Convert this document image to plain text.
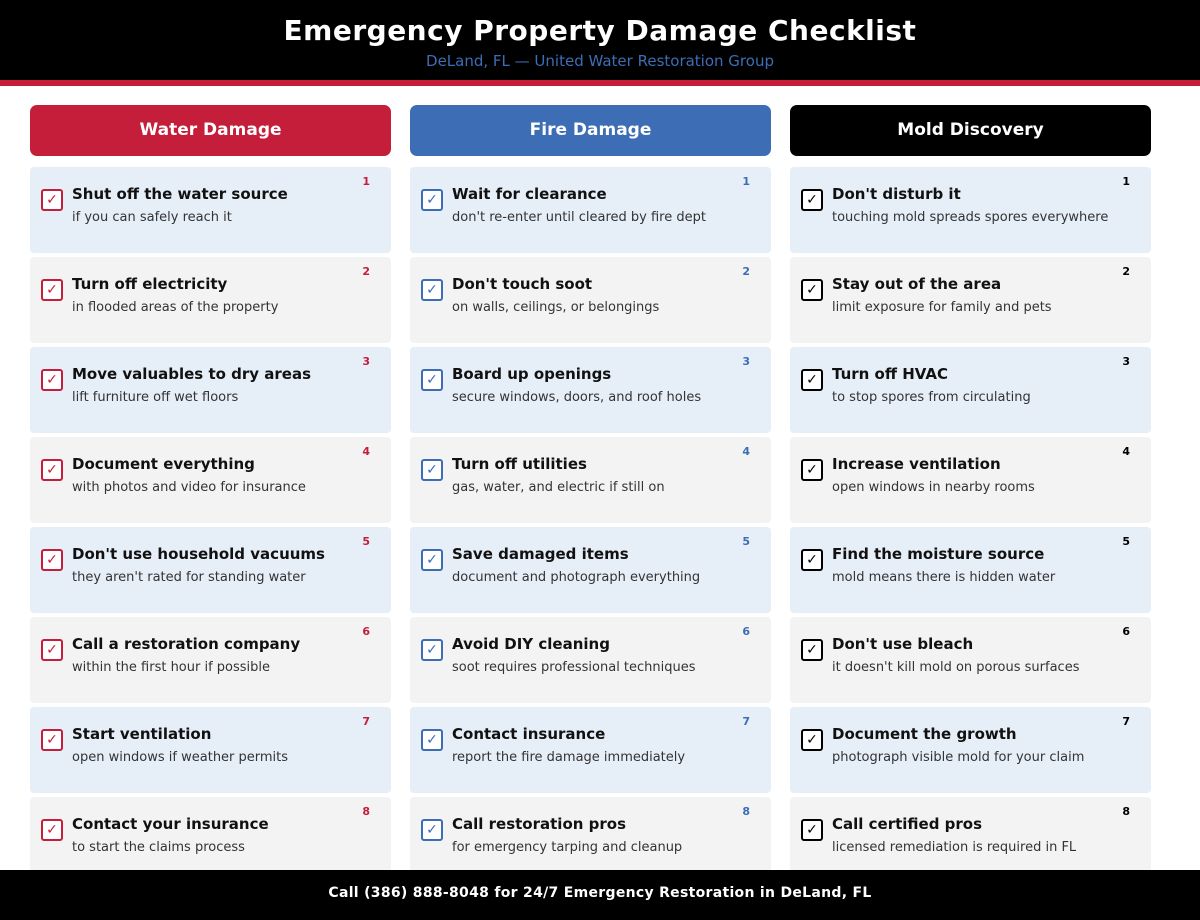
Emergency Property Damage Checklist
DeLand, FL — United Water Restoration Group
Water Damage
✓ Shut off the water source
if you can safely reach it
1
✓ Turn off electricity
in flooded areas of the property
2
✓ Move valuables to dry areas
lift furniture off wet floors
3
✓ Document everything
with photos and video for insurance
4
✓ Don't use household vacuums
they aren't rated for standing water
5
✓ Call a restoration company
within the first hour if possible
6
✓ Start ventilation
open windows if weather permits
7
✓ Contact your insurance
to start the claims process
8
Fire Damage
✓ Wait for clearance
don't re-enter until cleared by fire dept
1
✓ Don't touch soot
on walls, ceilings, or belongings
2
✓ Board up openings
secure windows, doors, and roof holes
3
✓ Turn off utilities
gas, water, and electric if still on
4
✓ Save damaged items
document and photograph everything
5
✓ Avoid DIY cleaning
soot requires professional techniques
6
✓ Contact insurance
report the fire damage immediately
7
✓ Call restoration pros
for emergency tarping and cleanup
8
Mold Discovery
✓ Don't disturb it
touching mold spreads spores everywhere
1
✓ Stay out of the area
limit exposure for family and pets
2
✓ Turn off HVAC
to stop spores from circulating
3
✓ Increase ventilation
open windows in nearby rooms
4
✓ Find the moisture source
mold means there is hidden water
5
✓ Don't use bleach
it doesn't kill mold on porous surfaces
6
✓ Document the growth
photograph visible mold for your claim
7
✓ Call certified pros
licensed remediation is required in FL
8
Call (386) 888-8048 for 24/7 Emergency Restoration in DeLand, FL
